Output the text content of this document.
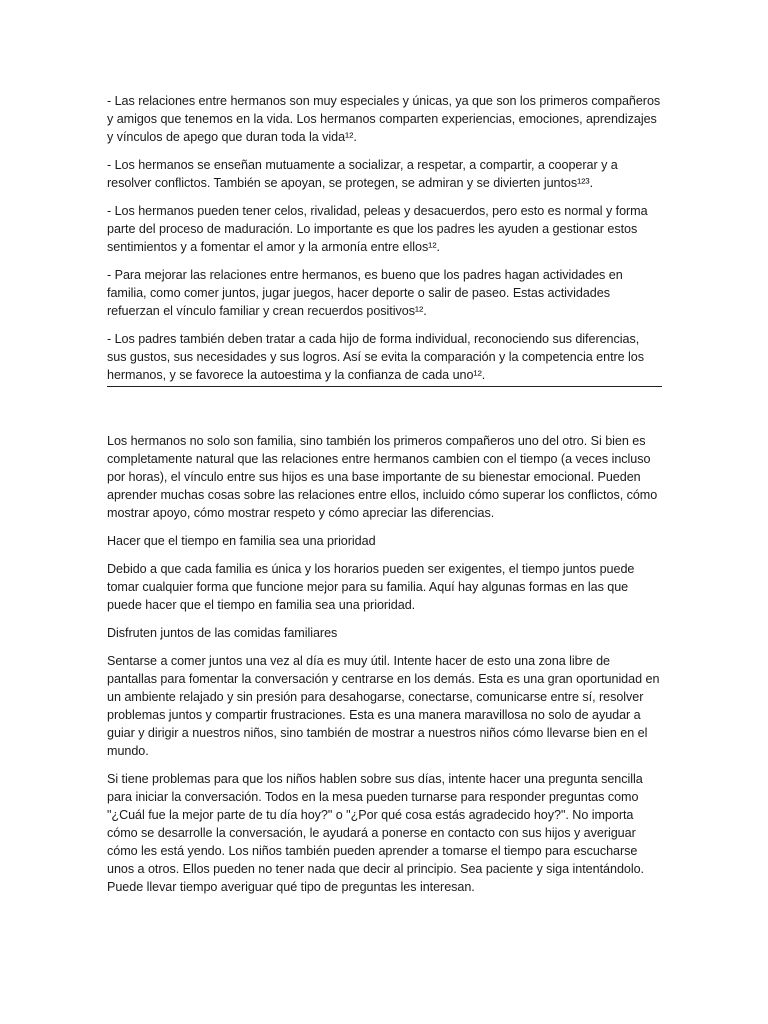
- Las relaciones entre hermanos son muy especiales y únicas, ya que son los primeros compañeros y amigos que tenemos en la vida. Los hermanos comparten experiencias, emociones, aprendizajes y vínculos de apego que duran toda la vida¹².

- Los hermanos se enseñan mutuamente a socializar, a respetar, a compartir, a cooperar y a resolver conflictos. También se apoyan, se protegen, se admiran y se divierten juntos¹²³.

- Los hermanos pueden tener celos, rivalidad, peleas y desacuerdos, pero esto es normal y forma parte del proceso de maduración. Lo importante es que los padres les ayuden a gestionar estos sentimientos y a fomentar el amor y la armonía entre ellos¹².

- Para mejorar las relaciones entre hermanos, es bueno que los padres hagan actividades en familia, como comer juntos, jugar juegos, hacer deporte o salir de paseo. Estas actividades refuerzan el vínculo familiar y crean recuerdos positivos¹².

- Los padres también deben tratar a cada hijo de forma individual, reconociendo sus diferencias, sus gustos, sus necesidades y sus logros. Así se evita la comparación y la competencia entre los hermanos, y se favorece la autoestima y la confianza de cada uno¹².

Los hermanos no solo son familia, sino también los primeros compañeros uno del otro. Si bien es completamente natural que las relaciones entre hermanos cambien con el tiempo (a veces incluso por horas), el vínculo entre sus hijos es una base importante de su bienestar emocional. Pueden aprender muchas cosas sobre las relaciones entre ellos, incluido cómo superar los conflictos, cómo mostrar apoyo, cómo mostrar respeto y cómo apreciar las diferencias.

Hacer que el tiempo en familia sea una prioridad

Debido a que cada familia es única y los horarios pueden ser exigentes, el tiempo juntos puede tomar cualquier forma que funcione mejor para su familia. Aquí hay algunas formas en las que puede hacer que el tiempo en familia sea una prioridad.

Disfruten juntos de las comidas familiares

Sentarse a comer juntos una vez al día es muy útil. Intente hacer de esto una zona libre de pantallas para fomentar la conversación y centrarse en los demás. Esta es una gran oportunidad en un ambiente relajado y sin presión para desahogarse, conectarse, comunicarse entre sí, resolver problemas juntos y compartir frustraciones. Esta es una manera maravillosa no solo de ayudar a guiar y dirigir a nuestros niños, sino también de mostrar a nuestros niños cómo llevarse bien en el mundo.

Si tiene problemas para que los niños hablen sobre sus días, intente hacer una pregunta sencilla para iniciar la conversación. Todos en la mesa pueden turnarse para responder preguntas como "¿Cuál fue la mejor parte de tu día hoy?" o "¿Por qué cosa estás agradecido hoy?". No importa cómo se desarrolle la conversación, le ayudará a ponerse en contacto con sus hijos y averiguar cómo les está yendo. Los niños también pueden aprender a tomarse el tiempo para escucharse unos a otros. Ellos pueden no tener nada que decir al principio. Sea paciente y siga intentándolo. Puede llevar tiempo averiguar qué tipo de preguntas les interesan.
